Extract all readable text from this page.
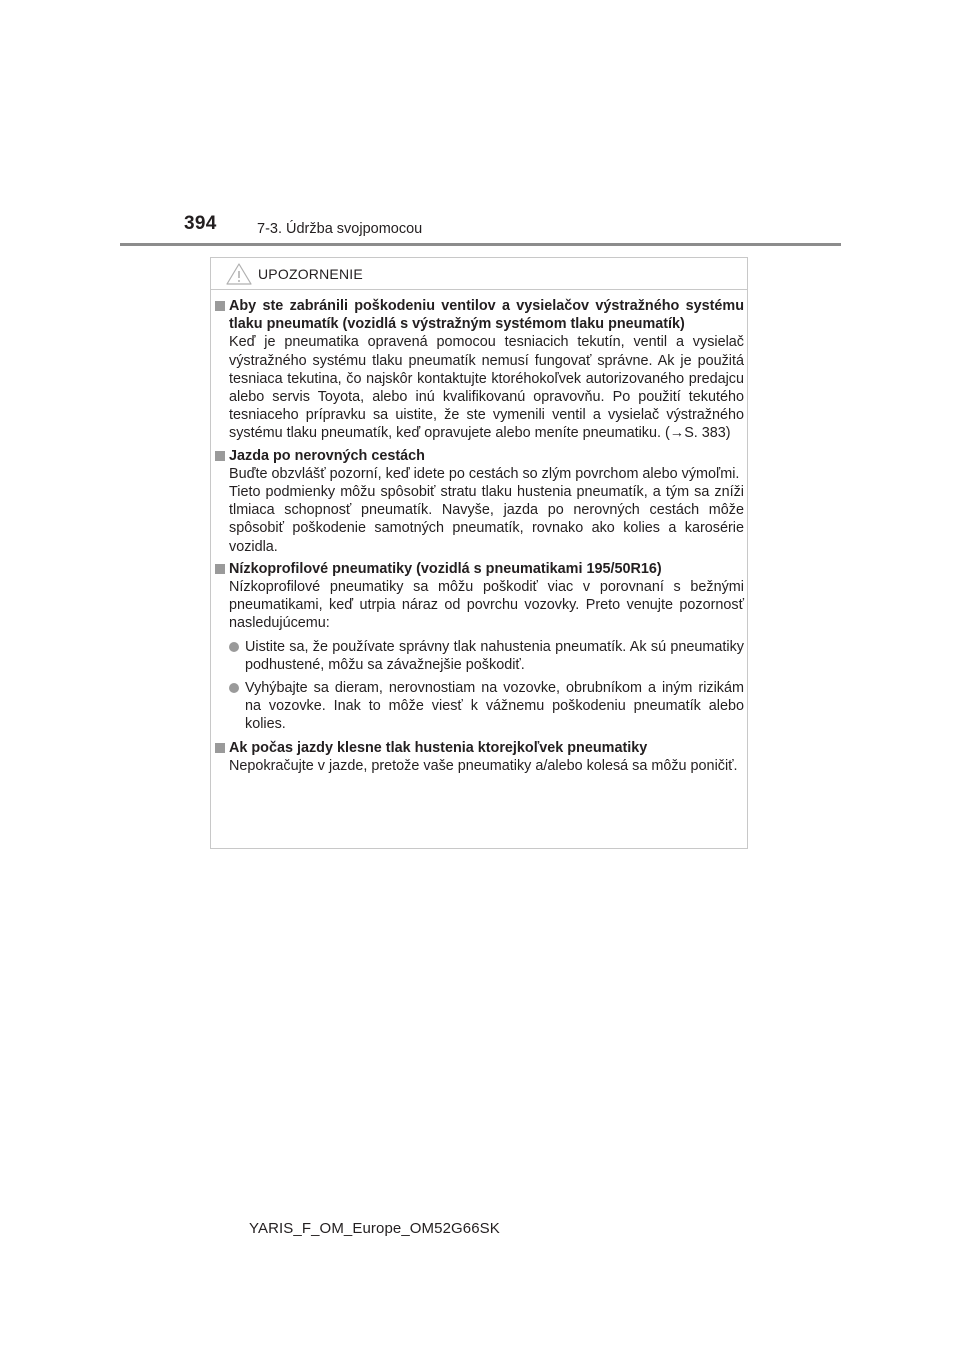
394	7-3. Údržba svojpomocou
UPOZORNENIE
Aby ste zabránili poškodeniu ventilov a vysielačov výstražného systému tlaku pneumatík (vozidlá s výstražným systémom tlaku pneumatík)
Keď je pneumatika opravená pomocou tesniacich tekutín, ventil a vysielač výstražného systému tlaku pneumatík nemusí fungovať správne. Ak je použitá tesniaca tekutina, čo najskôr kontaktujte ktoréhokoľvek autorizovaného predajcu alebo servis Toyota, alebo inú kvalifikovanú opravovňu. Po použití tekutého tesniaceho prípravku sa uistite, že ste vymenili ventil a vysielač výstražného systému tlaku pneumatík, keď opravujete alebo meníte pneumatiku. (→S. 383)
Jazda po nerovných cestách
Buďte obzvlášť pozorní, keď idete po cestách so zlým povrchom alebo výmoľmi.
Tieto podmienky môžu spôsobiť stratu tlaku hustenia pneumatík, a tým sa zníži tlmiaca schopnosť pneumatík. Navyše, jazda po nerovných cestách môže spôsobiť poškodenie samotných pneumatík, rovnako ako kolies a karosérie vozidla.
Nízkoprofilové pneumatiky (vozidlá s pneumatikami 195/50R16)
Nízkoprofilové pneumatiky sa môžu poškodiť viac v porovnaní s bežnými pneumatikami, keď utrpia náraz od povrchu vozovky. Preto venujte pozornosť nasledujúcemu:
Uistite sa, že používate správny tlak nahustenia pneumatík. Ak sú pneumatiky podhustené, môžu sa závažnejšie poškodiť.
Vyhýbajte sa dieram, nerovnostiam na vozovke, obrubníkom a iným rizikám na vozovke. Inak to môže viesť k vážnemu poškodeniu pneumatík alebo kolies.
Ak počas jazdy klesne tlak hustenia ktorejkoľvek pneumatiky
Nepokračujte v jazde, pretože vaše pneumatiky a/alebo kolesá sa môžu poničiť.
YARIS_F_OM_Europe_OM52G66SK
